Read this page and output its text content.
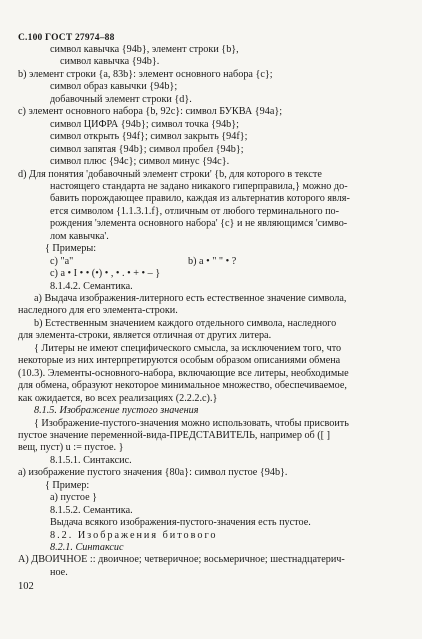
С.100 ГОСТ 27974–88
символ кавычка {94b}, элемент строки {b},
символ кавычка {94b}.
b) элемент строки {a, 83b}: элемент основного набора {c};
символ образ кавычки {94b};
добавочный элемент строки {d}.
c) элемент основного набора {b, 92c}: символ БУКВА {94a};
символ ЦИФРА {94b}; символ точка {94b};
символ открыть {94f}; символ закрыть {94f};
символ запятая {94b}; символ пробел {94b};
символ плюс {94c}; символ минус {94c}.
d) Для понятия 'добавочный элемент строки' {b, для которого в тексте
настоящего стандарта не задано никакого гиперправила,} можно до-
бавить порождающее правило, каждая из альтернатив которого явля-
ется символом {1.1.3.1.f}, отличным от любого терминального по-
рождения 'элемента основного набора' {c} и не являющимся 'симво-
лом кавычка'.
{ Примеры:
c) "a"	b) a • " " • ?
c) a • I • • (•) • , • . • + • – }
8.1.4.2. Семантика.
a) Выдача изображения-литерного есть естественное значение символа,
наследного для его элемента-строки.
b) Естественным значением каждого отдельного символа, наследного
для элемента-строки, является отличная от других литера.
{ Литеры не имеют специфического смысла, за исключением того, что
некоторые из них интерпретируются особым образом описаниями обмена
(10.3). Элементы-основного-набора, включающие все литеры, необходимые
для обмена, образуют некоторое минимальное множество, обеспечиваемое,
как ожидается, во всех реализациях (2.2.2.c).}
8.1.5. Изображение пустого значения
{ Изображение-пустого-значения можно использовать, чтобы присвоить
пустое значение переменной-вида-ПРЕДСТАВИТЕЛЬ, например об ([ ]
вещ, пуст) u := пустое. }
8.1.5.1. Синтаксис.
a) изображение пустого значения {80a}: символ пустое {94b}.
{ Пример:
a) пустое }
8.1.5.2. Семантика.
Выдача всякого изображения-пустого-значения есть пустое.
8.2. Изображения битового
8.2.1. Синтаксис
A) ДВОИЧНОЕ :: двоичное; четверичное; восьмеричное; шестнадцатерич-
ное.
102
